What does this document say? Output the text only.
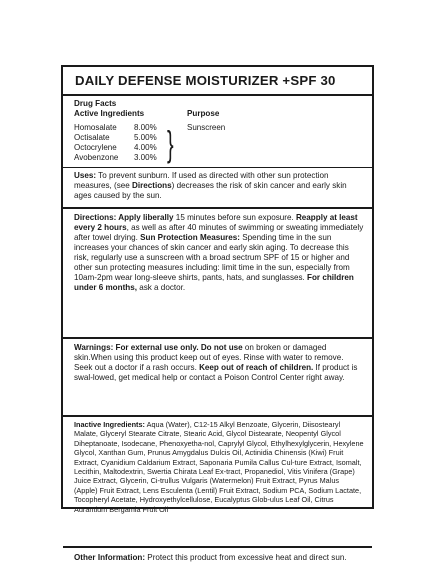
DAILY DEFENSE MOISTURIZER +SPF 30
Drug Facts
Active Ingredients	Purpose
Homosalate 8.00%
Octisalate	5.00%
Octocrylene 4.00%
Avobenzone 3.00% } Sunscreen
Uses: To prevent sunburn. If used as directed with other sun protection measures, (see Directions) decreases the risk of skin cancer and early skin ages caused by the sun.
Directions: Apply liberally 15 minutes before sun exposure. Reapply at least every 2 hours, as well as after 40 minutes of swimming or sweating immediately after towel drying. Sun Protection Measures: Spending time in the sun increases your chances of skin cancer and early skin aging. To decrease this risk, regularly use a sunscreen with a broad sectrum SPF of 15 or higher and other sun protecting measures including: limit time in the sun, especially from 10am-2pm wear long-sleeve shirts, pants, hats, and sunglasses. For children under 6 months, ask a doctor.
Warnings: For external use only. Do not use on broken or damaged skin.When using this product keep out of eyes. Rinse with water to remove. Seek out a doctor if a rash occurs. Keep out of reach of children. If product is swal-lowed, get medical help or contact a Poison Control Center right away.
Inactive Ingredients: Aqua (Water), C12-15 Alkyl Benzoate, Glycerin, Diisostearyl Malate, Glyceryl Stearate Citrate, Stearic Acid, Glycol Distearate, Neopentyl Glycol Diheptanoate, Isodecane, Phenoxyetha-nol, Caprylyl Glycol, Ethylhexylglycerin, Hexylene Glycol, Xanthan Gum, Prunus Amygdalus Dulcis Oil, Actinidia Chinensis (Kiwi) Fruit Extract, Cyanidium Caldarium Extract, Saponaria Pumila Callus Cul-ture Extract, Isomalt, Lecithin, Maltodextrin, Swertia Chirata Leaf Ex-tract, Propanediol, Vitis Vinifera (Grape) Juice Extract, Glycerin, Ci-trullus Vulgaris (Watermelon) Fruit Extract, Pyrus Malus (Apple) Fruit Extract, Lens Esculenta (Lentil) Fruit Extract, Sodium PCA, Sodium Lactate, Tocopheryl Acetate, Hydroxyethylcellulose, Eucalyptus Glob-ulus Leaf Oil, Citrus Aurantium Bergamia Fruit Oil
Other Information: Protect this product from excessive heat and direct sun.
